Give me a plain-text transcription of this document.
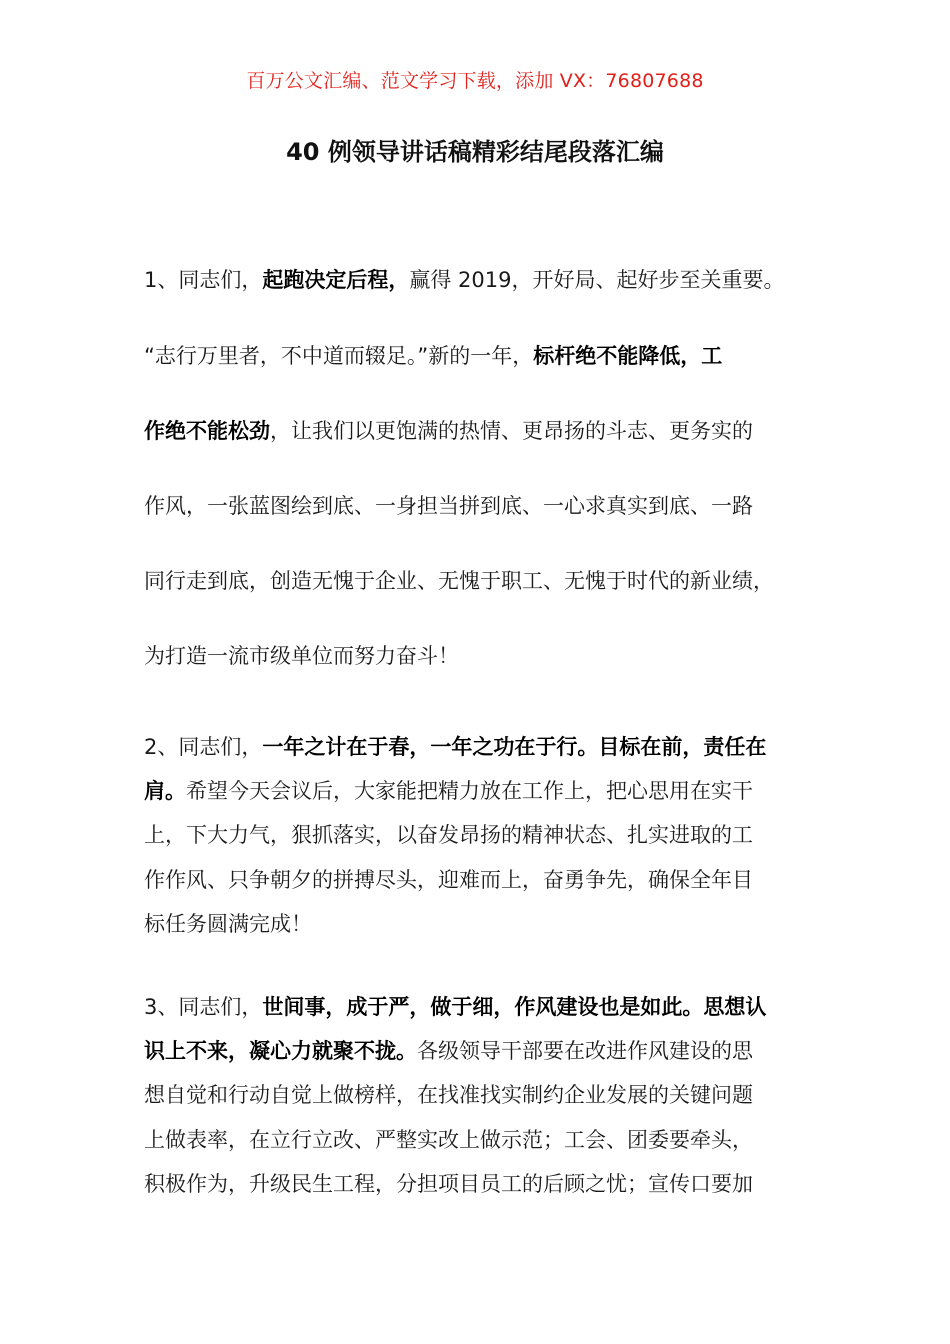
百万公文汇编、范文学习下载，添加 VX：76807688
40 例领导讲话稿精彩结尾段落汇编
1、同志们，起跑决定后程，赢得 2019，开好局、起好步至关重要。
“志行万里者，不中道而辍足。”新的一年，标杆绝不能降低，工
作绝不能松劲，让我们以更饱满的热情、更昂扬的斗志、更务实的
作风，一张蓝图绘到底、一身担当拼到底、一心求真实到底、一路
同行走到底，创造无愧于企业、无愧于职工、无愧于时代的新业绩，
为打造一流市级单位而努力奋斗！
2、同志们，一年之计在于春，一年之功在于行。目标在前，责任在
肩。希望今天会议后，大家能把精力放在工作上，把心思用在实干
上，下大力气，狠抓落实，以奋发昂扬的精神状态、扎实进取的工
作作风、只争朝夕的拼搏尽头，迎难而上，奋勇争先，确保全年目
标任务圆满完成！
3、同志们，世间事，成于严，做于细，作风建设也是如此。思想认
识上不来，凝心力就聚不拢。各级领导干部要在改进作风建设的思
想自觉和行动自觉上做榜样，在找准找实制约企业发展的关键问题
上做表率，在立行立改、严整实改上做示范；工会、团委要牵头，
积极作为，升级民生工程，分担项目员工的后顾之忧；宣传口要加
